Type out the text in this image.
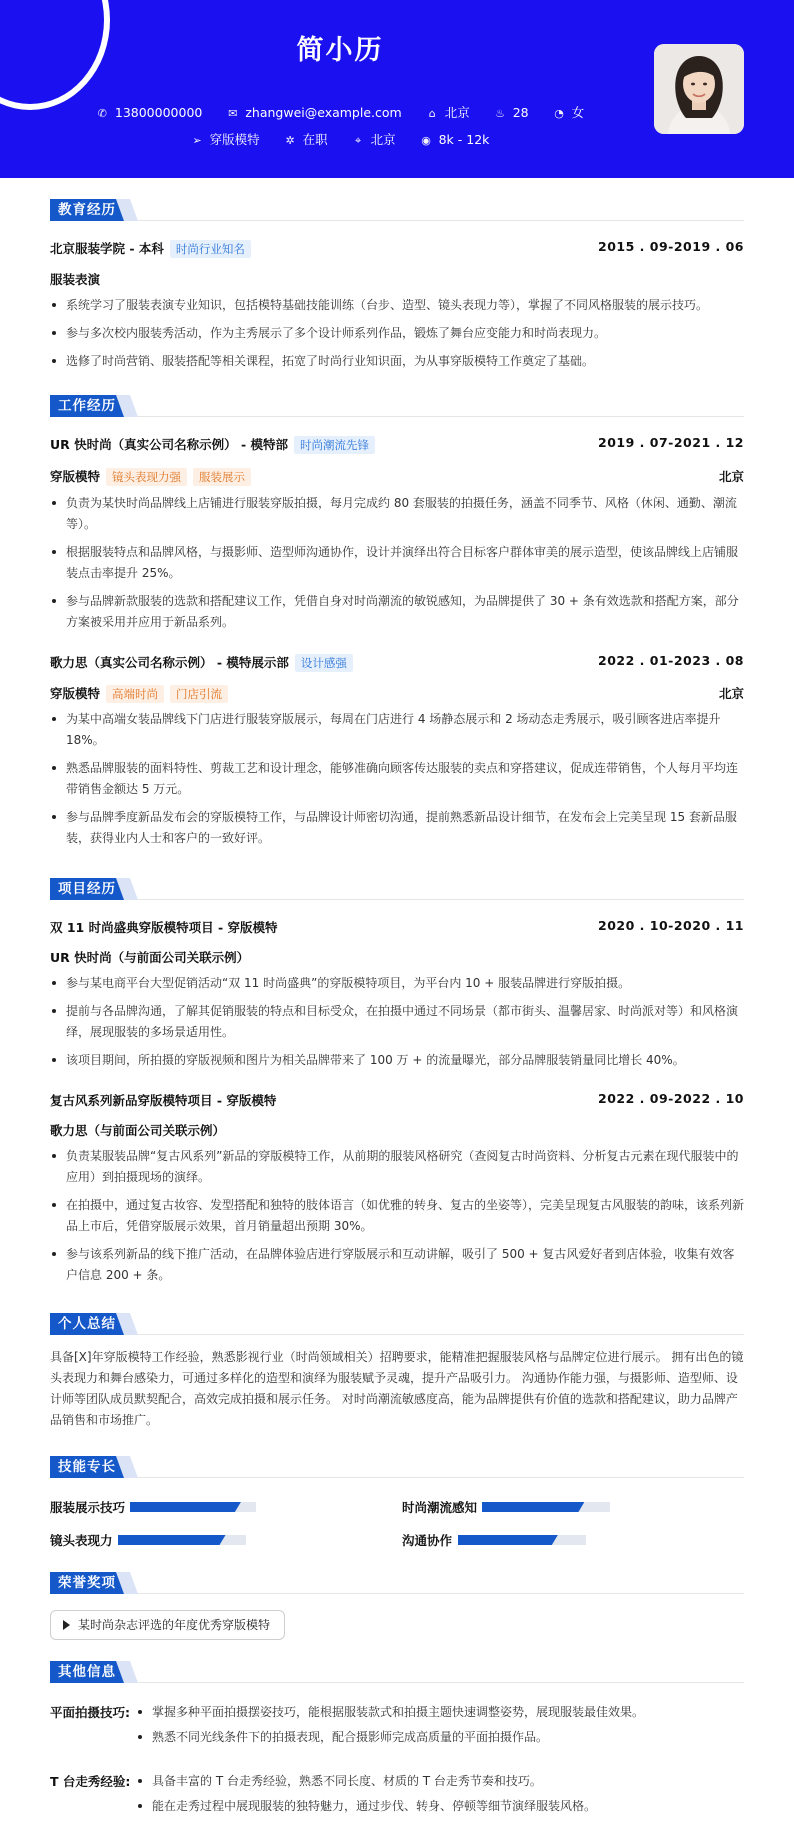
简小历
✆ 13800000000 ✉ zhangwei@example.com ⌂ 北京 ♨ 28 ◔ 女
➢ 穿版模特 ✲ 在职 ⌖ 北京 ◉ 8k - 12k
教育经历
北京服装学院 - 本科 时尚行业知名	2015 . 09-2019 . 06
服装表演
系统学习了服装表演专业知识，包括模特基础技能训练（台步、造型、镜头表现力等），掌握了不同风格服装的展示技巧。
参与多次校内服装秀活动，作为主秀展示了多个设计师系列作品，锻炼了舞台应变能力和时尚表现力。
选修了时尚营销、服装搭配等相关课程，拓宽了时尚行业知识面，为从事穿版模特工作奠定了基础。
工作经历
UR 快时尚（真实公司名称示例） - 模特部 时尚潮流先锋	2019 . 07-2021 . 12
穿版模特 镜头表现力强 服装展示	北京
负责为某快时尚品牌线上店铺进行服装穿版拍摄，每月完成约 80 套服装的拍摄任务，涵盖不同季节、风格（休闲、通勤、潮流等）。
根据服装特点和品牌风格，与摄影师、造型师沟通协作，设计并演绎出符合目标客户群体审美的展示造型，使该品牌线上店铺服装点击率提升 25%。
参与品牌新款服装的选款和搭配建议工作，凭借自身对时尚潮流的敏锐感知，为品牌提供了 30 + 条有效选款和搭配方案，部分方案被采用并应用于新品系列。
歌力思（真实公司名称示例） - 模特展示部 设计感强	2022 . 01-2023 . 08
穿版模特 高端时尚 门店引流	北京
为某中高端女装品牌线下门店进行服装穿版展示，每周在门店进行 4 场静态展示和 2 场动态走秀展示，吸引顾客进店率提升 18%。
熟悉品牌服装的面料特性、剪裁工艺和设计理念，能够准确向顾客传达服装的卖点和穿搭建议，促成连带销售，个人每月平均连带销售金额达 5 万元。
参与品牌季度新品发布会的穿版模特工作，与品牌设计师密切沟通，提前熟悉新品设计细节，在发布会上完美呈现 15 套新品服装，获得业内人士和客户的一致好评。
项目经历
双 11 时尚盛典穿版模特项目 - 穿版模特	2020 . 10-2020 . 11
UR 快时尚（与前面公司关联示例）
参与某电商平台大型促销活动“双 11 时尚盛典”的穿版模特项目，为平台内 10 + 服装品牌进行穿版拍摄。
提前与各品牌沟通，了解其促销服装的特点和目标受众，在拍摄中通过不同场景（都市街头、温馨居家、时尚派对等）和风格演绎，展现服装的多场景适用性。
该项目期间，所拍摄的穿版视频和图片为相关品牌带来了 100 万 + 的流量曝光，部分品牌服装销量同比增长 40%。
复古风系列新品穿版模特项目 - 穿版模特	2022 . 09-2022 . 10
歌力思（与前面公司关联示例）
负责某服装品牌“复古风系列”新品的穿版模特工作，从前期的服装风格研究（查阅复古时尚资料、分析复古元素在现代服装中的应用）到拍摄现场的演绎。
在拍摄中，通过复古妆容、发型搭配和独特的肢体语言（如优雅的转身、复古的坐姿等），完美呈现复古风服装的韵味，该系列新品上市后，凭借穿版展示效果，首月销量超出预期 30%。
参与该系列新品的线下推广活动，在品牌体验店进行穿版展示和互动讲解，吸引了 500 + 复古风爱好者到店体验，收集有效客户信息 200 + 条。
个人总结
具备[X]年穿版模特工作经验，熟悉影视行业（时尚领域相关）招聘要求，能精准把握服装风格与品牌定位进行展示。 拥有出色的镜头表现力和舞台感染力，可通过多样化的造型和演绎为服装赋予灵魂，提升产品吸引力。 沟通协作能力强，与摄影师、造型师、设计师等团队成员默契配合，高效完成拍摄和展示任务。 对时尚潮流敏感度高，能为品牌提供有价值的选款和搭配建议，助力品牌产品销售和市场推广。
技能专长
服装展示技巧	时尚潮流感知
镜头表现力	沟通协作
荣誉奖项
某时尚杂志评选的年度优秀穿版模特
其他信息
平面拍摄技巧:	掌握多种平面拍摄摆姿技巧，能根据服装款式和拍摄主题快速调整姿势，展现服装最佳效果。
熟悉不同光线条件下的拍摄表现，配合摄影师完成高质量的平面拍摄作品。
T 台走秀经验:	具备丰富的 T 台走秀经验，熟悉不同长度、材质的 T 台走秀节奏和技巧。
能在走秀过程中展现服装的独特魅力，通过步伐、转身、停顿等细节演绎服装风格。
